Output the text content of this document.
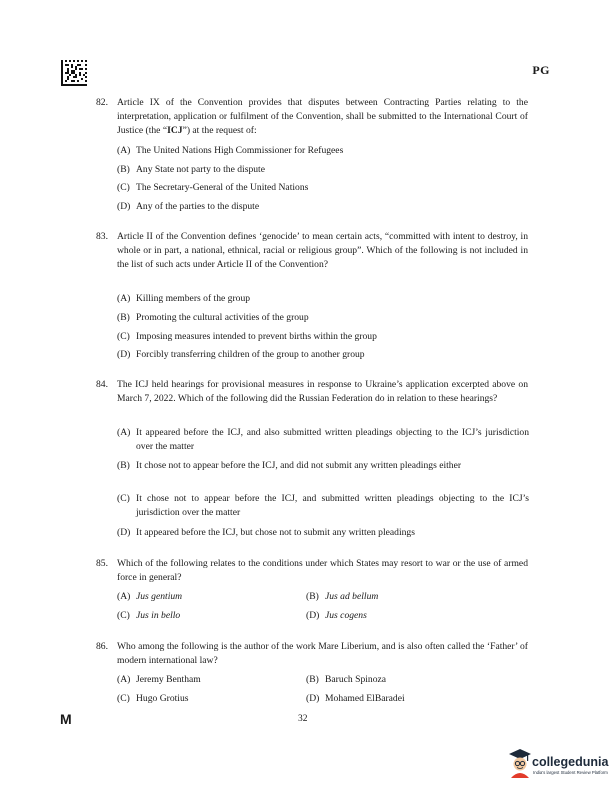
PG
82. Article IX of the Convention provides that disputes between Contracting Parties relating to the interpretation, application or fulfilment of the Convention, shall be submitted to the International Court of Justice (the “ICJ”) at the request of:
(A) The United Nations High Commissioner for Refugees
(B) Any State not party to the dispute
(C) The Secretary-General of the United Nations
(D) Any of the parties to the dispute
83. Article II of the Convention defines ‘genocide’ to mean certain acts, “committed with intent to destroy, in whole or in part, a national, ethnical, racial or religious group”. Which of the following is not included in the list of such acts under Article II of the Convention?
(A) Killing members of the group
(B) Promoting the cultural activities of the group
(C) Imposing measures intended to prevent births within the group
(D) Forcibly transferring children of the group to another group
84. The ICJ held hearings for provisional measures in response to Ukraine’s application excerpted above on March 7, 2022. Which of the following did the Russian Federation do in relation to these hearings?
(A) It appeared before the ICJ, and also submitted written pleadings objecting to the ICJ’s jurisdiction over the matter
(B) It chose not to appear before the ICJ, and did not submit any written pleadings either
(C) It chose not to appear before the ICJ, and submitted written pleadings objecting to the ICJ’s jurisdiction over the matter
(D) It appeared before the ICJ, but chose not to submit any written pleadings
85. Which of the following relates to the conditions under which States may resort to war or the use of armed force in general?
(A) Jus gentium	(B) Jus ad bellum
(C) Jus in bello	(D) Jus cogens
86. Who among the following is the author of the work Mare Liberium, and is also often called the ‘Father’ of modern international law?
(A) Jeremy Bentham	(B) Baruch Spinoza
(C) Hugo Grotius	(D) Mohamed ElBaradei
M	32
collegedunia
India's largest Student Review Platform
